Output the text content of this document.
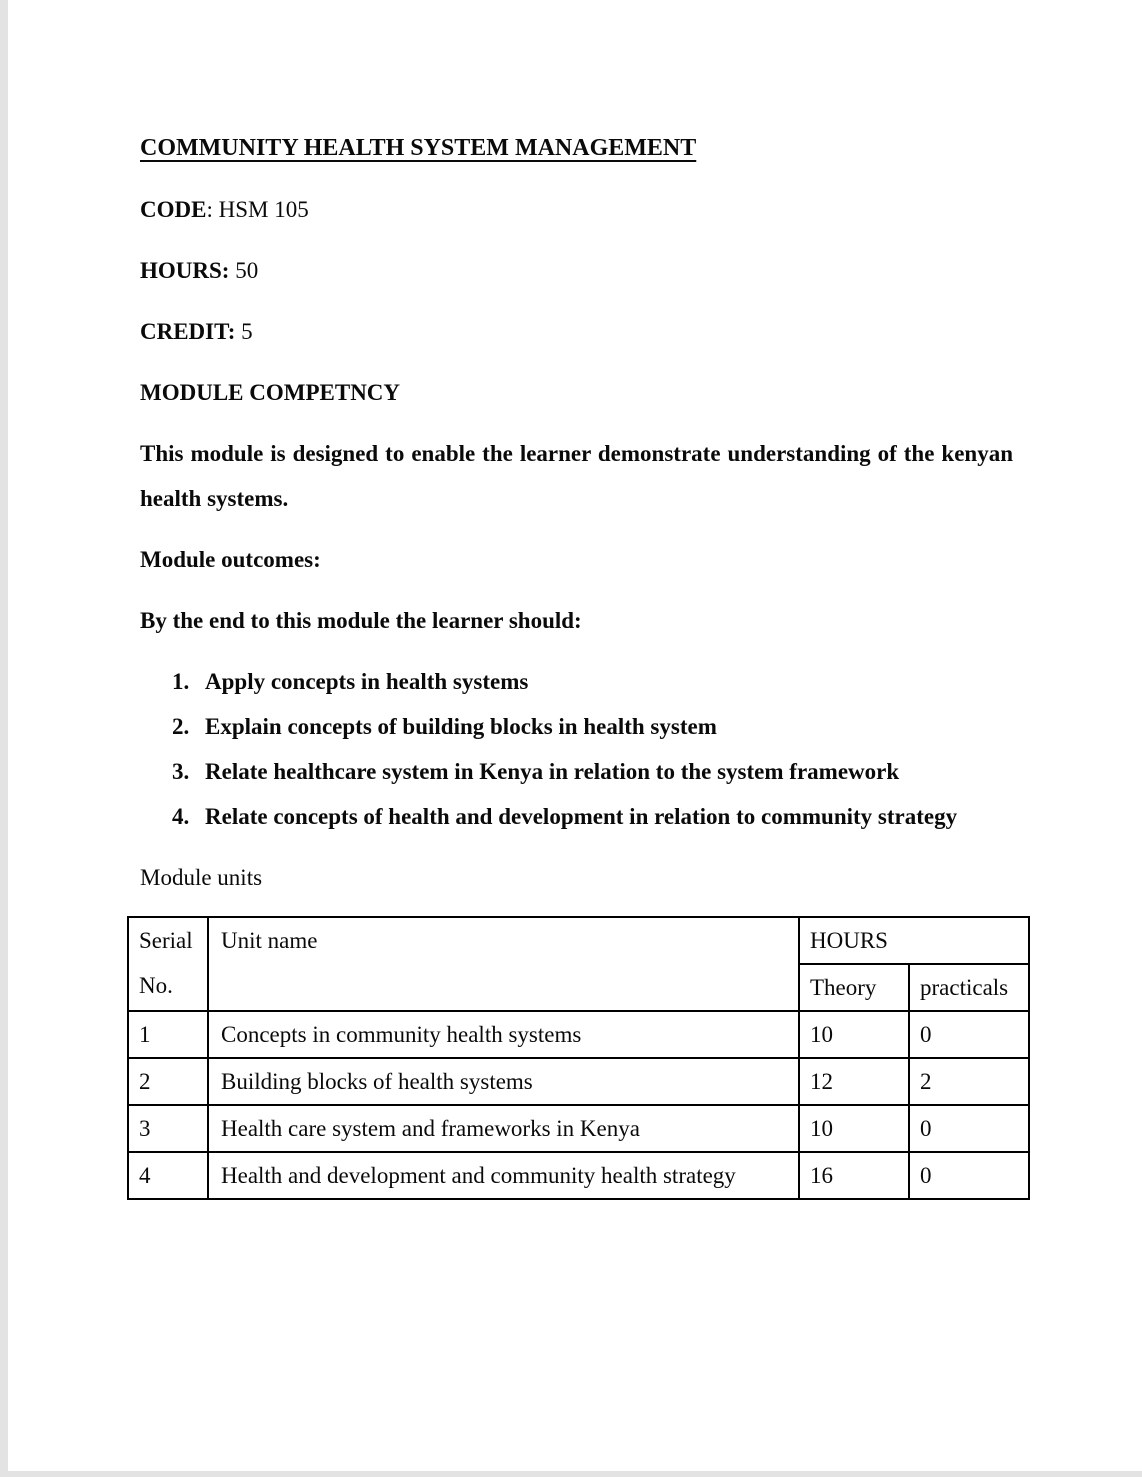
COMMUNITY HEALTH SYSTEM MANAGEMENT

CODE: HSM 105

HOURS: 50

CREDIT: 5

MODULE COMPETNCY

This module is designed to enable the learner demonstrate understanding of the kenyan health systems.

Module outcomes:

By the end to this module the learner should:

1. Apply concepts in health systems
2. Explain concepts of building blocks in health system
3. Relate healthcare system in Kenya in relation to the system framework
4. Relate concepts of health and development in relation to community strategy

Module units

Serial No.	Unit name	HOURS	
		Theory	practicals
1	Concepts in community health systems	10	0
2	Building blocks of health systems	12	2
3	Health care system and frameworks in Kenya	10	0
4	Health and development and community health strategy	16	0
